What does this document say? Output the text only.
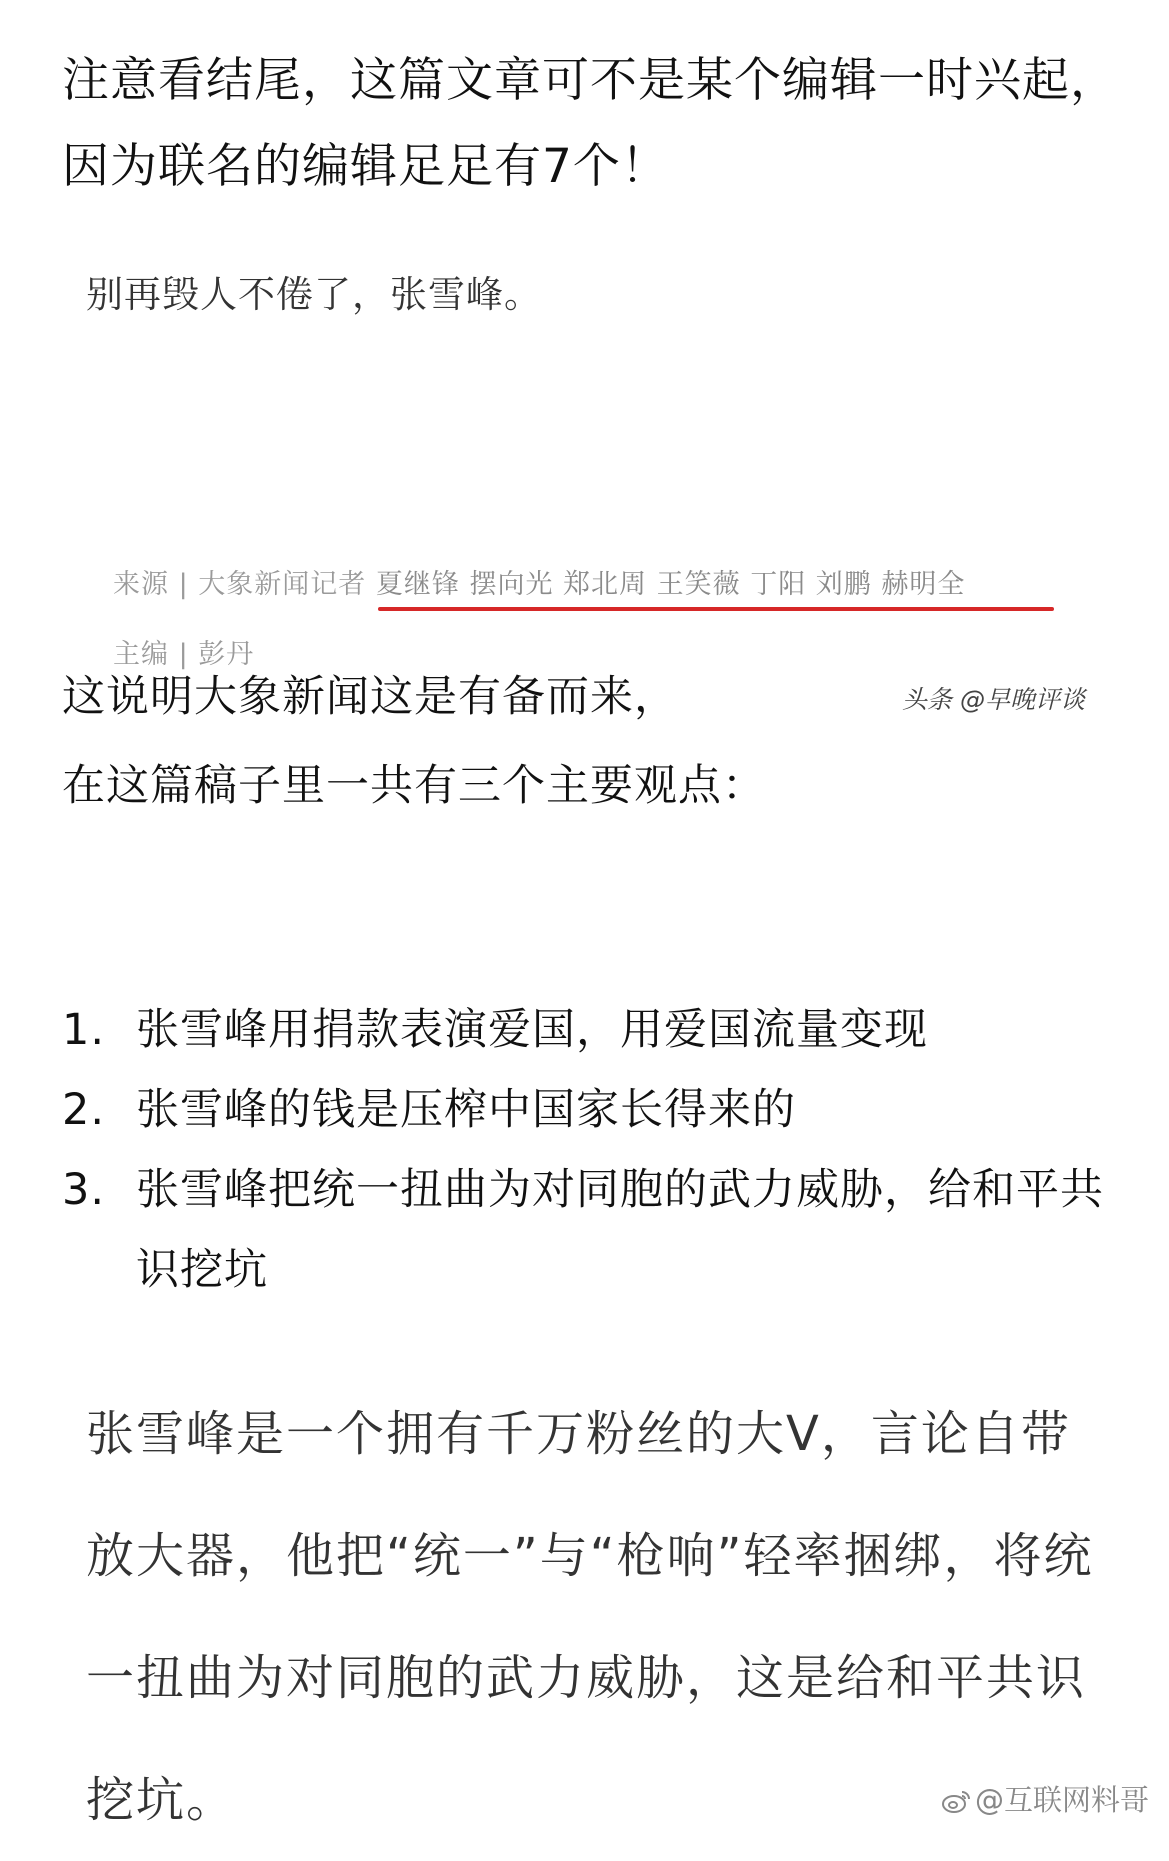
注意看结尾，这篇文章可不是某个编辑一时兴起，因为联名的编辑足足有7个！
别再毁人不倦了，张雪峰。
来源 | 大象新闻记者 夏继锋 摆向光 郑北周 王笑薇 丁阳 刘鹏 赫明全
主编 | 彭丹
头条 @早晚评谈
这说明大象新闻这是有备而来，
在这篇稿子里一共有三个主要观点：
1. 张雪峰用捐款表演爱国，用爱国流量变现
2. 张雪峰的钱是压榨中国家长得来的
3. 张雪峰把统一扭曲为对同胞的武力威胁，给和平共识挖坑
张雪峰是一个拥有千万粉丝的大V，言论自带放大器，他把“统一”与“枪响”轻率捆绑，将统一扭曲为对同胞的武力威胁，这是给和平共识挖坑。	@互联网料哥
